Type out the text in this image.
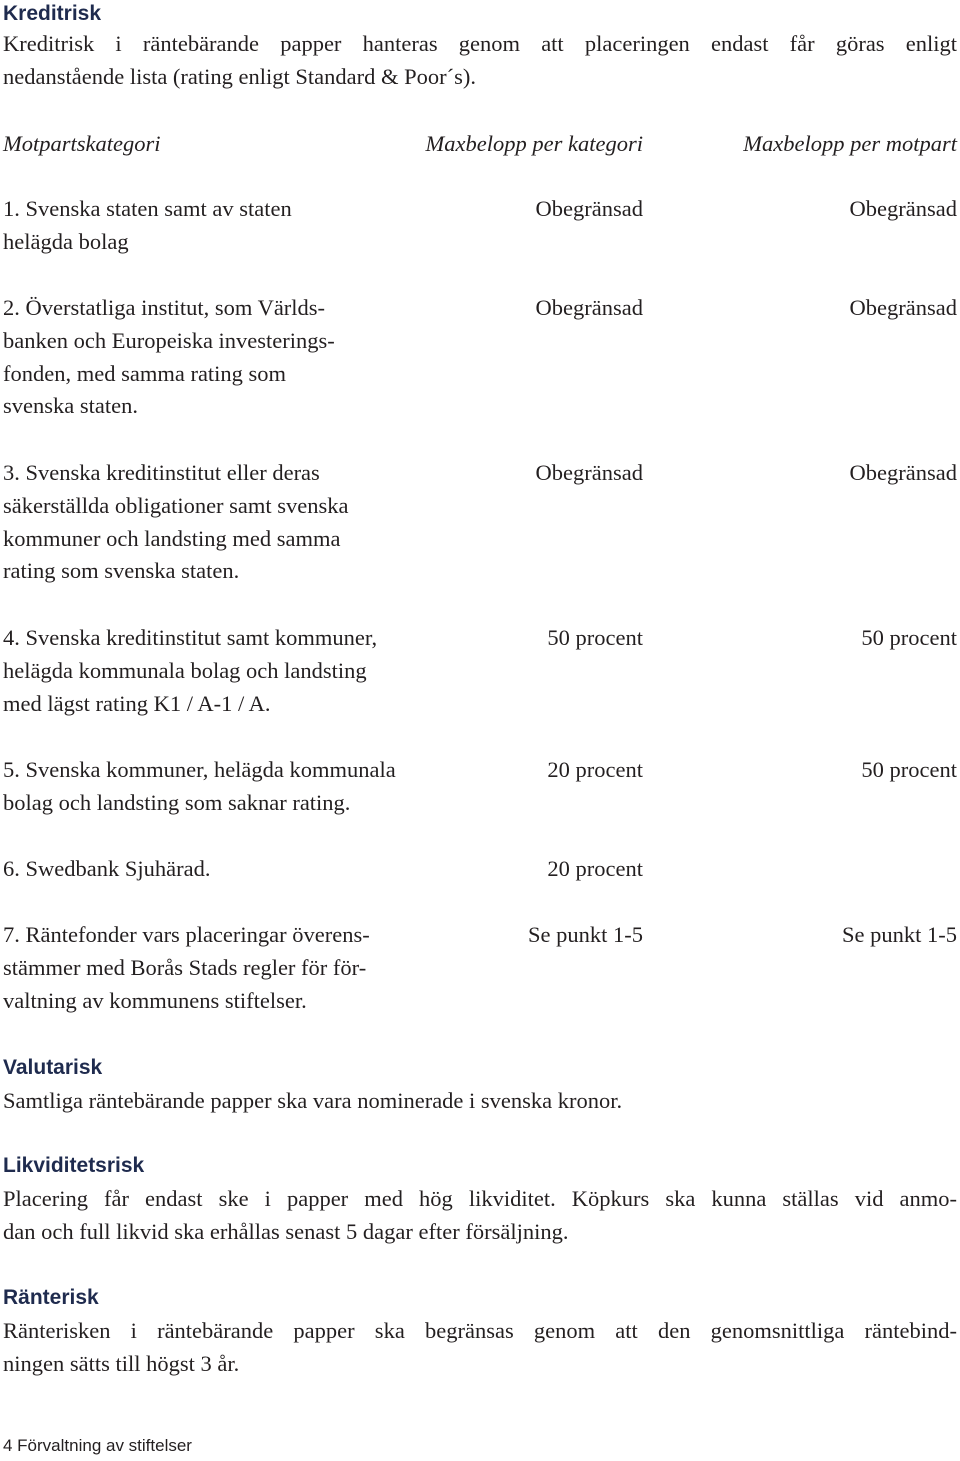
Kreditrisk
Kreditrisk i räntebärande papper hanteras genom att placeringen endast får göras enligt
nedanstående lista (rating enligt Standard & Poor´s).
Motpartskategori	Maxbelopp per kategori	Maxbelopp per motpart
1. Svenska staten samt av staten
helägda bolag
Obegränsad	Obegränsad
2. Överstatliga institut, som Världs-
banken och Europeiska investerings-
fonden, med samma rating som
svenska staten.
Obegränsad	Obegränsad
3. Svenska kreditinstitut eller deras
säkerställda obligationer samt svenska
kommuner och landsting med samma
rating som svenska staten.
Obegränsad	Obegränsad
4. Svenska kreditinstitut samt kommuner,
helägda kommunala bolag och landsting
med lägst rating K1 / A-1 / A.
50 procent	50 procent
5. Svenska kommuner, helägda kommunala
bolag och landsting som saknar rating.
20 procent	50 procent
6. Swedbank Sjuhärad.	20 procent
7. Räntefonder vars placeringar överens-
stämmer med Borås Stads regler för för-
valtning av kommunens stiftelser.
Se punkt 1-5	Se punkt 1-5
Valutarisk
Samtliga räntebärande papper ska vara nominerade i svenska kronor.
Likviditetsrisk
Placering får endast ske i papper med hög likviditet. Köpkurs ska kunna ställas vid anmo-
dan och full likvid ska erhållas senast 5 dagar efter försäljning.
Ränterisk
Ränterisken i räntebärande papper ska begränsas genom att den genomsnittliga räntebind-
ningen sätts till högst 3 år.
4 Förvaltning av stiftelser
